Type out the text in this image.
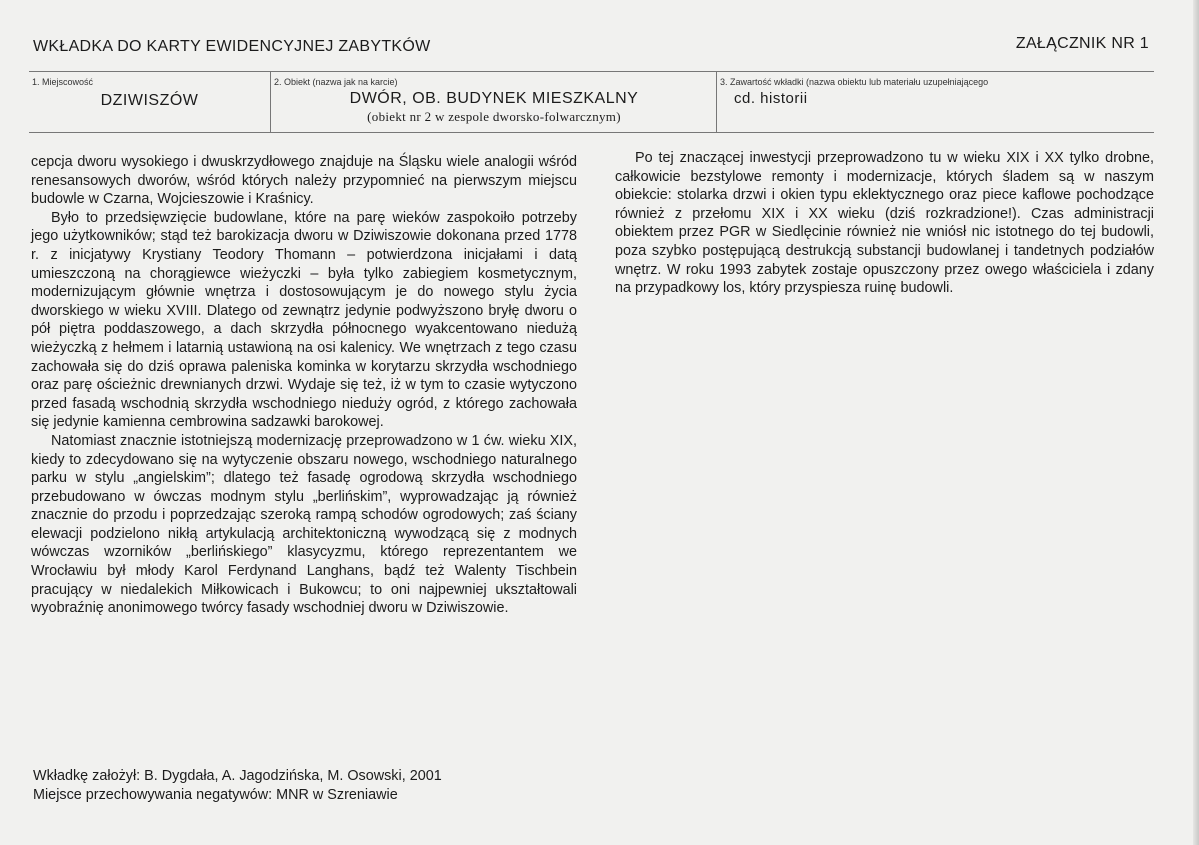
WKŁADKA DO KARTY EWIDENCYJNEJ ZABYTKÓW	ZAŁĄCZNIK NR 1
1. Miejscowość
DZIWISZÓW
2. Obiekt (nazwa jak na karcie)
DWÓR, OB. BUDYNEK MIESZKALNY
(obiekt nr 2 w zespole dworsko-folwarcznym)
3. Zawartość wkładki (nazwa obiektu lub materiału uzupełniającego
cd. historii

cepcja dworu wysokiego i dwuskrzydłowego znajduje na Śląsku wiele analogii wśród renesansowych dworów, wśród których należy przypomnieć na pierwszym miejscu budowle w Czarna, Wojcieszowie i Kraśnicy.

Było to przedsięwzięcie budowlane, które na parę wieków zaspokoiło potrzeby jego użytkowników; stąd też barokizacja dworu w Dziwiszowie dokonana przed 1778 r. z inicjatywy Krystiany Teodory Thomann – potwierdzona inicjałami i datą umieszczoną na chorągiewce wieżyczki – była tylko zabiegiem kosmetycznym, modernizującym głównie wnętrza i dostosowującym je do nowego stylu życia dworskiego w wieku XVIII. Dlatego od zewnątrz jedynie podwyższono bryłę dworu o pół piętra poddaszowego, a dach skrzydła północnego wyakcentowano niedużą wieżyczką z hełmem i latarnią ustawioną na osi kalenicy. We wnętrzach z tego czasu zachowała się do dziś oprawa paleniska kominka w korytarzu skrzydła wschodniego oraz parę ościeżnic drewnianych drzwi. Wydaje się też, iż w tym to czasie wytyczono przed fasadą wschodnią skrzydła wschodniego nieduży ogród, z którego zachowała się jedynie kamienna cembrowina sadzawki barokowej.

Natomiast znacznie istotniejszą modernizację przeprowadzono w 1 ćw. wieku XIX, kiedy to zdecydowano się na wytyczenie obszaru nowego, wschodniego naturalnego parku w stylu „angielskim”; dlatego też fasadę ogrodową skrzydła wschodniego przebudowano w ówczas modnym stylu „berlińskim”, wyprowadzając ją również znacznie do przodu i poprzedzając szeroką rampą schodów ogrodowych; zaś ściany elewacji podzielono nikłą artykulacją architektoniczną wywodzącą się z modnych wówczas wzorników „berlińskiego” klasycyzmu, którego reprezentantem we Wrocławiu był młody Karol Ferdynand Langhans, bądź też Walenty Tischbein pracujący w niedalekich Miłkowicach i Bukowcu; to oni najpewniej ukształtowali wyobraźnię anonimowego twórcy fasady wschodniej dworu w Dziwiszowie.

Po tej znaczącej inwestycji przeprowadzono tu w wieku XIX i XX tylko drobne, całkowicie bezstylowe remonty i modernizacje, których śladem są w naszym obiekcie: stolarka drzwi i okien typu eklektycznego oraz piece kaflowe pochodzące również z przełomu XIX i XX wieku (dziś rozkradzione!). Czas administracji obiektem przez PGR w Siedlęcinie również nie wniósł nic istotnego do tej budowli, poza szybko postępującą destrukcją substancji budowlanej i tandetnych podziałów wnętrz. W roku 1993 zabytek zostaje opuszczony przez owego właściciela i zdany na przypadkowy los, który przyspiesza ruinę budowli.

Wkładkę założył: B. Dygdała, A. Jagodzińska, M. Osowski, 2001
Miejsce przechowywania negatywów: MNR w Szreniawie
